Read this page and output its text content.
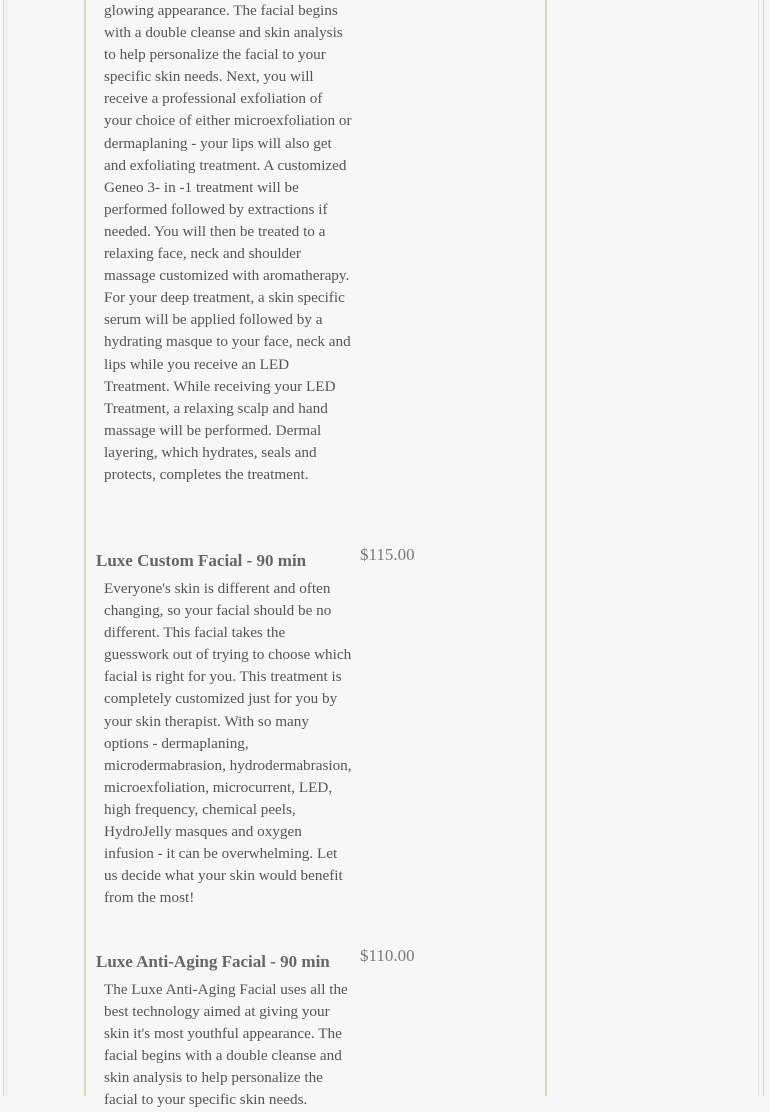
glowing appearance. The facial begins with a double cleanse and skin analysis to help personalize the facial to your specific skin needs. Next, you will receive a professional exfoliation of your choice of either microexfoliation or dermaplaning - your lips will also get and exfoliating treatment. A customized Geneo 3- in -1 treatment will be performed followed by extractions if needed. You will then be treated to a relaxing face, neck and shoulder massage customized with aromatherapy. For your deep treatment, a skin specific serum will be applied followed by a hydrating masque to your face, neck and lips while you receive an LED Treatment. While receiving your LED Treatment, a relaxing scalp and hand massage will be performed. Dermal layering, which hydrates, seals and protects, completes the treatment.

Luxe Custom Facial - 90 min	$115.00

Everyone's skin is different and often changing, so your facial should be no different. This facial takes the guesswork out of trying to choose which facial is right for you. This treatment is completely customized just for you by your skin therapist. With so many options - dermaplaning, microdermabrasion, hydrodermabrasion, microexfoliation, microcurrent, LED, high frequency, chemical peels, HydroJelly masques and oxygen infusion - it can be overwhelming. Let us decide what your skin would benefit from the most!

Luxe Anti-Aging Facial - 90 min $110.00

The Luxe Anti-Aging Facial uses all the best technology aimed at giving your skin it's most youthful appearance. The facial begins with a double cleanse and skin analysis to help personalize the facial to your specific skin needs.
